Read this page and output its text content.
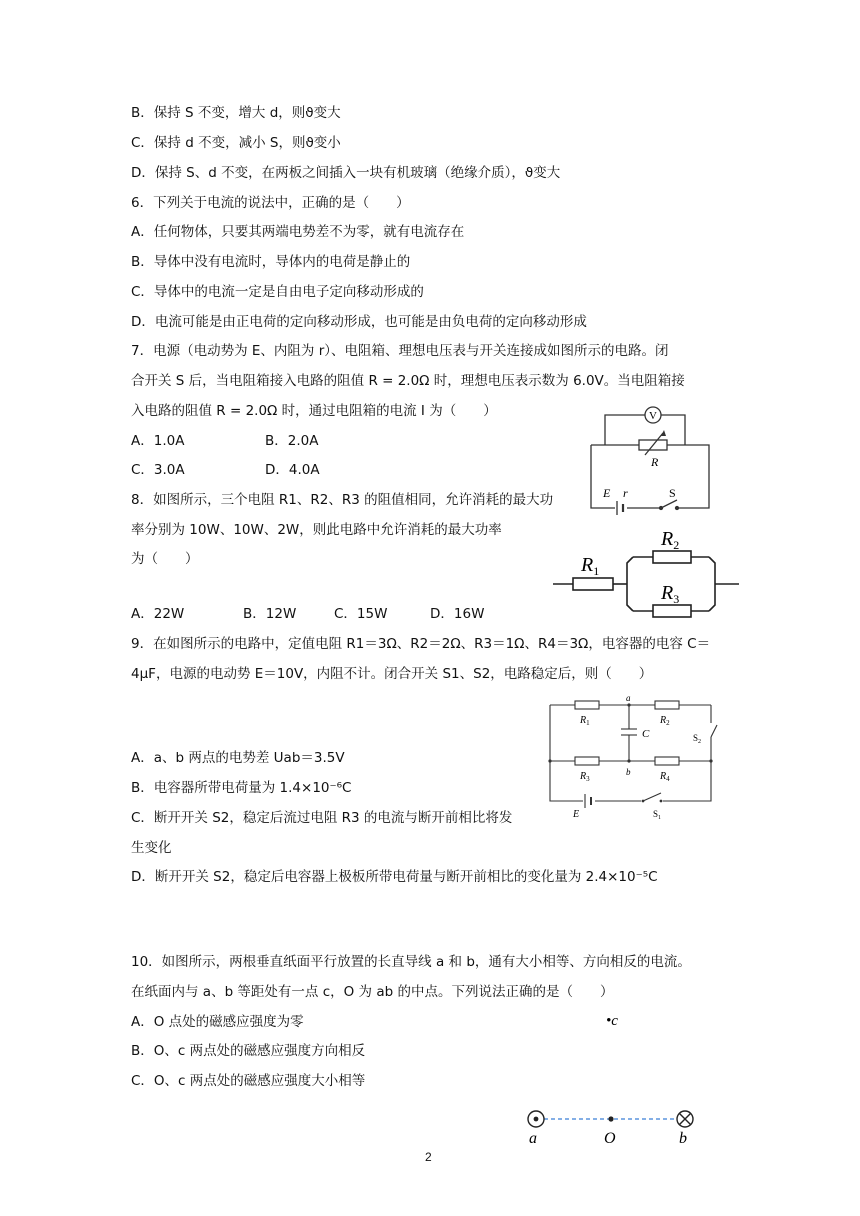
B．保持 S 不变，增大 d，则ϑ变大
C．保持 d 不变，减小 S，则ϑ变小
D．保持 S、d 不变，在两板之间插入一块有机玻璃（绝缘介质），ϑ变大
6．下列关于电流的说法中，正确的是（　　）
A．任何物体，只要其两端电势差不为零，就有电流存在
B．导体中没有电流时，导体内的电荷是静止的
C．导体中的电流一定是自由电子定向移动形成的
D．电流可能是由正电荷的定向移动形成，也可能是由负电荷的定向移动形成
7．电源（电动势为 E、内阻为 r）、电阻箱、理想电压表与开关连接成如图所示的电路。闭
合开关 S 后，当电阻箱接入电路的阻值 R = 2.0Ω 时，理想电压表示数为 6.0V。当电阻箱接
入电路的阻值 R = 2.0Ω 时，通过电阻箱的电流 I 为（　　）
A．1.0A	B．2.0A
C．3.0A	D．4.0A
8．如图所示，三个电阻 R1、R2、R3 的阻值相同，允许消耗的最大功
率分别为 10W、10W、2W，则此电路中允许消耗的最大功率
为（　　）
A．22W	B．12W	C．15W	D．16W
9．在如图所示的电路中，定值电阻 R1＝3Ω、R2＝2Ω、R3＝1Ω、R4＝3Ω，电容器的电容 C＝
4μF，电源的电动势 E＝10V，内阻不计。闭合开关 S1、S2，电路稳定后，则（　　）
A．a、b 两点的电势差 Uab＝3.5V
B．电容器所带电荷量为 1.4×10⁻⁶C
C．断开开关 S2，稳定后流过电阻 R3 的电流与断开前相比将发
生变化
D．断开开关 S2，稳定后电容器上极板所带电荷量与断开前相比的变化量为 2.4×10⁻⁵C
10．如图所示，两根垂直纸面平行放置的长直导线 a 和 b，通有大小相等、方向相反的电流。
在纸面内与 a、b 等距处有一点 c，O 为 ab 的中点。下列说法正确的是（　　）
A．O 点处的磁感应强度为零
B．O、c 两点处的磁感应强度方向相反
C．O、c 两点处的磁感应强度大小相等
V
R
E r	S
$R_1$
$R_2$
$R_3$
a
b
C
$R_1$	$R_2$
$R_3$	$R_4$
$S_2$
$S_1$
E
•c
a	O	b
2
